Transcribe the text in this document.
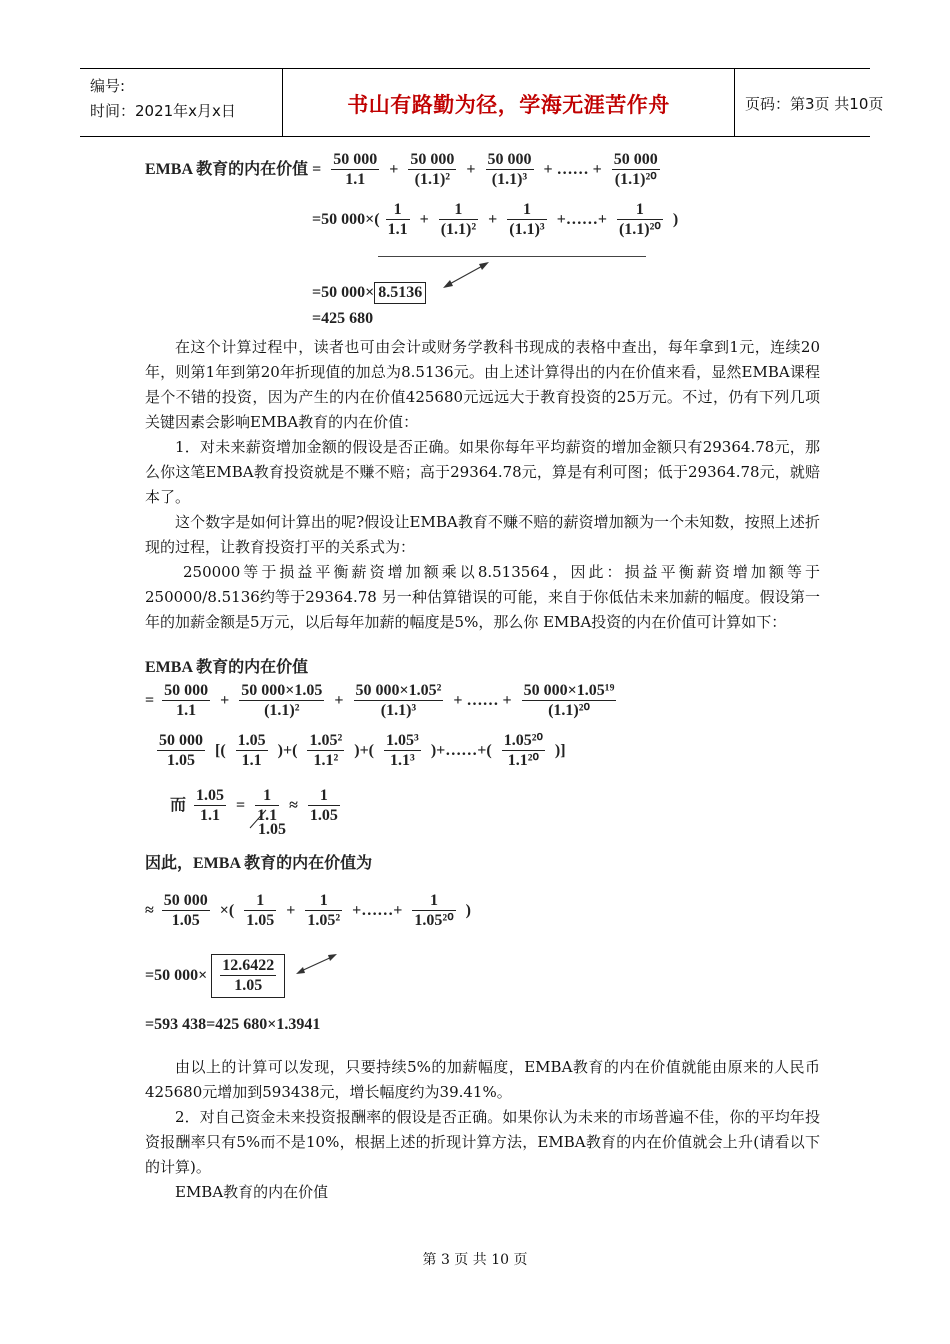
编号:
时间：2021年x月x日	书山有路勤为径，学海无涯苦作舟	页码：第3页 共10页
EMBA 教育的内在价值 = $\frac{50 000}{1.1} + \frac{50 000}{\text{(1.1)²}} + \frac{50 000}{\text{(1.1)³}}$ + …… + $\frac{50 000}{\text{(1.1)²⁰}}$
=50 $000\times( \frac{1}{1.1} + \frac{1}{\text{(1.1)²}} + \frac{1}{\text{(1.1)³}}$ +……+ $\frac{1}{\text{(1.1)²⁰}}$ )
=50 000× 8.5136
=425 680
在这个计算过程中，读者也可由会计或财务学教科书现成的表格中查出，每年拿到1元，连续20年，则第1年到第20年折现值的加总为8.5136元。由上述计算得出的内在价值来看，显然EMBA课程是个不错的投资，因为产生的内在价值425680元远远大于教育投资的25万元。不过，仍有下列几项关键因素会影响EMBA教育的内在价值：
1．对未来薪资增加金额的假设是否正确。如果你每年平均薪资的增加金额只有29364.78元，那么你这笔EMBA教育投资就是不赚不赔；高于29364.78元，算是有利可图；低于29364.78元，就赔本了。
这个数字是如何计算出的呢?假设让EMBA教育不赚不赔的薪资增加额为一个未知数，按照上述折现的过程，让教育投资打平的关系式为：
250000等于损益平衡薪资增加额乘以8.513564，因此：损益平衡薪资增加额等于250000/8.5136约等于29364.78 另一种估算错误的可能，来自于你低估未来加薪的幅度。假设第一年的加薪金额是5万元，以后每年加薪的幅度是5%，那么你 EMBA投资的内在价值可计算如下：
EMBA 教育的内在价值
= $\frac{50 000}{1.1} + \frac{50 000\times 1.05}{\text{(1.1)²}} + \frac{\text{50 000×1.05²}}{\text{(1.1)³}}$ + …… + $\frac{\text{50 000×1.05¹⁹}}{\text{(1.1)²⁰}}$
$\frac{50 000}{1.05}$ [( $\frac{1.05}{1.1}$ )+( $\frac{\text{1.05²}}{\text{1.1²}}$ )+( $\frac{\text{1.05³}}{\text{1.1³}}$ )+……+( $\frac{\text{1.05²⁰}}{\text{1.1²⁰}}$ )]
而 $\frac{1.05}{1.1} = \frac{1}{1.1} \approx \frac{1}{1.05}$
1.05
因此，EMBA 教育的内在价值为
≈ $\frac{50 000}{1.05}$ ×( $\frac{1}{1.05} + \frac{1}{\text{1.05²}}$ +……+ $\frac{1}{\text{1.05²⁰}}$ )
=50 $000\times \frac{12.6422}{1.05}$
=593 438=425 680×1.3941
由以上的计算可以发现，只要持续5%的加薪幅度，EMBA教育的内在价值就能由原来的人民币425680元增加到593438元，增长幅度约为39.41%。
2．对自己资金未来投资报酬率的假设是否正确。如果你认为未来的市场普遍不佳，你的平均年投资报酬率只有5%而不是10%，根据上述的折现计算方法，EMBA教育的内在价值就会上升(请看以下的计算)。
EMBA教育的内在价值
第 3 页 共 10 页
